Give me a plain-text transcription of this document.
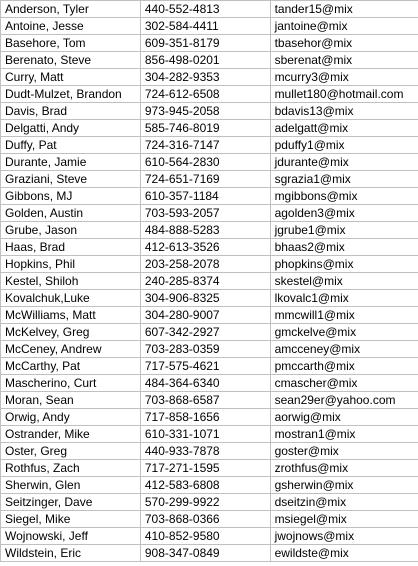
Anderson, Tyler	440-552-4813	tander15@mix
Antoine, Jesse	302-584-4411	jantoine@mix
Basehore, Tom	609-351-8179	tbasehor@mix
Berenato, Steve	856-498-0201	sberenat@mix
Curry, Matt	304-282-9353	mcurry3@mix
Dudt-Mulzet, Brandon	724-612-6508	mullet180@hotmail.com
Davis, Brad	973-945-2058	bdavis13@mix
Delgatti, Andy	585-746-8019	adelgatt@mix
Duffy, Pat	724-316-7147	pduffy1@mix
Durante, Jamie	610-564-2830	jdurante@mix
Graziani, Steve	724-651-7169	sgrazia1@mix
Gibbons, MJ	610-357-1184	mgibbons@mix
Golden, Austin	703-593-2057	agolden3@mix
Grube, Jason	484-888-5283	jgrube1@mix
Haas, Brad	412-613-3526	bhaas2@mix
Hopkins, Phil	203-258-2078	phopkins@mix
Kestel, Shiloh	240-285-8374	skestel@mix
Kovalchuk,Luke	304-906-8325	lkovalc1@mix
McWilliams, Matt	304-280-9007	mmcwill1@mix
McKelvey, Greg	607-342-2927	gmckelve@mix
McCeney, Andrew	703-283-0359	amcceney@mix
McCarthy, Pat	717-575-4621	pmccarth@mix
Mascherino, Curt	484-364-6340	cmascher@mix
Moran, Sean	703-868-6587	sean29er@yahoo.com
Orwig, Andy	717-858-1656	aorwig@mix
Ostrander, Mike	610-331-1071	mostran1@mix
Oster, Greg	440-933-7878	goster@mix
Rothfus, Zach	717-271-1595	zrothfus@mix
Sherwin, Glen	412-583-6808	gsherwin@mix
Seitzinger, Dave	570-299-9922	dseitzin@mix
Siegel, Mike	703-868-0366	msiegel@mix
Wojnowski, Jeff	410-852-9580	jwojnows@mix
Wildstein, Eric	908-347-0849	ewildste@mix
